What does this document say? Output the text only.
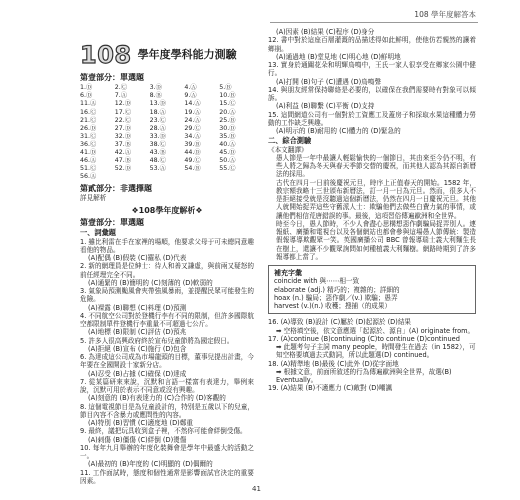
108 學年度解答本
108 學年度學科能力測驗
第壹部分：單選題
1.Ⓓ	2.Ⓒ	3.Ⓓ	4.Ⓐ	5.Ⓑ
6.Ⓓ	7.Ⓐ	8.Ⓑ	9.Ⓐ	10.Ⓑ
11.Ⓐ	12.Ⓓ	13.Ⓓ	14.Ⓐ	15.Ⓒ
16.Ⓒ	17.Ⓒ	18.Ⓐ	19.Ⓐ	20.Ⓐ
21.Ⓒ	22.Ⓒ	23.Ⓒ	24.Ⓐ	25.Ⓑ
26.Ⓓ	27.Ⓓ	28.Ⓐ	29.Ⓒ	30.Ⓓ
31.Ⓒ	32.Ⓓ	33.Ⓓ	34.Ⓐ	35.Ⓑ
36.Ⓒ	37.Ⓑ	38.Ⓒ	39.Ⓑ	40.Ⓐ
41.Ⓓ	42.Ⓐ	43.Ⓑ	44.Ⓓ	45.Ⓓ
46.Ⓐ	47.Ⓑ	48.Ⓒ	49.Ⓒ	50.Ⓐ
51.Ⓒ	52.Ⓓ	53.Ⓐ	54.Ⓑ	55.Ⓒ
56.Ⓐ
第貳部分：非選擇題
詳見解析
❖108學年度解析❖
第壹部分：單選題
一、詞彙題
1. 雖比利雷在手在家裡的場順，他要求父母于可未總同意趣看他的物品。
(A)配偶 (B)假裝 (C)羅私 (D)代表
2. 新的網理員是位紳士：待人和善又謙虛，與前兩又疑怒的前任經理完全不同。
(A)通緊的 (B)簡明的 (C)刻薄的 (D)軟弱的
3. 氣象局預測颱風會夾帶強風暴雨，並提醒民眾可能發生的危險。
(A)裸露 (B)聯想 (C)料理 (D)預測
4. 不同航空公司對於登機行李有不同的限制，但許多國際航空都限制單件登機行李重量不可超過七公斤。
(A)地標 (B)限制 (C)評估 (D)預兆
5. 許多人很高興政府終於宣布兒童節將為國定假日。
(A)拒絕 (B)宣布 (C)施行 (D)包含
6. 為達成這公司成為市場龍頭的目標，董事兒提出計畫，今年要在全國開設十家新分店。
(A)忍受 (B)占據 (C)確保 (D)達成
7. 從某篇研來來說，沉默和言語一樣富有表達力，舉例來說，沉默可用於表示不同意或沒有興趣。
(A)刻意的 (B)有表達力的 (C)合作的 (D)客觀的
8. 這個電視節目是為兒童設計的，特別是五歲以下的兒童，節目內容不含暴力或應問性的內容。
(A)特別 (B)習慣 (C)適度地 (D)鄭重
9. 最終，議把玩具收到盒子裡，不然你可能會絆倒受傷。
(A)刺傷 (B)僵傷 (C)絆倒 (D)燙傷
10. 每年九月舉辦的年度化裝舞會是學年中最盛大的活動之一。
(A)最初的 (B)年度的 (C)明顯的 (D)偶爾的
11. 工作面試時，態度和個性通常是影響面試官決定的重要因素。
(A)因素 (B)結果 (C)程序 (D)身分
12. 書中對於這座百層灌溉的品描述得如此鮮明，使他仿若親然的讓着鄉崩。
(A)通過地 (B)堂見地 (C)明心地 (D)鮮明地
13. 實身於通關花朵和明輝鳥鳴中，王氏一家人很享受在鄉家公園中健行。
(A)打開 (B)句子 (C)遭遇 (D)鳥鳴聲
14. 與朋友經常保持聯絡是必要的，以確保在我們需要時有對象可以傾訴。
(A)利益 (B)聯繫 (C)平衡 (D)支持
15. 這間網道公司有一個對於工資應工及蓋房子和採取水果這種體力勞動的工作缺乏興趣。
(A)明示的 (B)耐用的 (C)體力的 (D)緊急的
二、綜合測驗
《本文翻譯》
愚人節是一年中最讓人輕鬆愉快的一個節日，其由來至今仍不明，有些人將之歸為冬天與春天季節交替的慶祝，而其他人認為其源自新曆法的採用。
古代在四月一日前後慶祝元旦，時序上正值春天的開始。1582 年，教宗額我略十三世頒布新曆法，訂一月一日為元旦。然而，很多人不是拒絕接受就是沒聽過這個新曆法，仍然在四月一日慶祝元旦。其他人就開始捉弄這些守舊派人士：欺騙他們去做些白費力氣的事情，或讓他們相信荒唐錯誤的事。最後，這項習俗傳遍歐洲和全世界。
時至今日，愚人節時，不少人會盡心思構想惡作劇騙局捉弄別人。連報紙、廣播和電視台以及各個網站也都會參與這場愚人節傳統：製造假報導導欺觀眾一笑。英國廣播公司 BBC 曾報導瑞士義大利麵生長在樹上，還讓不少觀眾詢問如何種植義大利麵樹。網路時期到了許多報導都上當了。
補充字彙
coincide with 與⋯⋯相一致
elaborate (adj.) 精巧的；複雜的；詳細的
hoax (n.) 騙局；惡作劇／(v.) 欺騙；愚弄
harvest (v.)(n.) 收穫；搜捕（的成果）
16. (A)導致 (B)設計 (C)屬於 (D)起源於 (D)結果
➡ 空格填空後，依文意應選「起源於、源自」(A) originate from。
17. (A)continue (B)continuing (C)to continue (D)continued
➡ 此題考句子主詞 many people，時間發生在過去（in 1582），可知空格要填過去式動詞，所以此題選(D) continued。
18. (A)精準地 (B)最後 (C)此外 (D)從字面地
➡ 根據文意，前面所敘述的行為傳遍歐洲與全世界，故選(B) Eventually。
19. (A)結果 (B)不適應力 (C)敵對 (D)嘲諷
41
